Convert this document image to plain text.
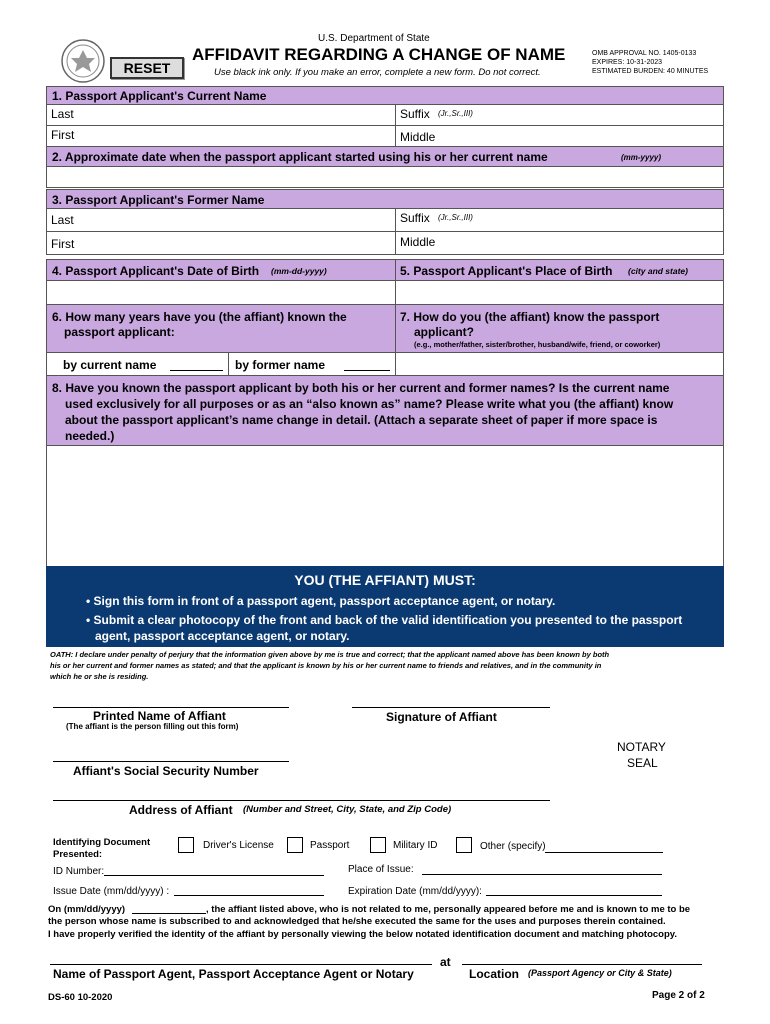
U.S. Department of State
AFFIDAVIT REGARDING A CHANGE OF NAME
RESET	Use black ink only. If you make an error, complete a new form. Do not correct.
OMB APPROVAL NO. 1405-0133
EXPIRES: 10-31-2023
ESTIMATED BURDEN: 40 MINUTES
1. Passport Applicant's Current Name
Last	Suffix (Jr.,Sr.,III)
First	Middle
2. Approximate date when the passport applicant started using his or her current name	(mm-yyyy)
3. Passport Applicant's Former Name
Last	Suffix (Jr.,Sr.,III)
First	Middle
4. Passport Applicant's Date of Birth (mm-dd-yyyy)	5. Passport Applicant's Place of Birth (city and state)
6. How many years have you (the affiant) known the
passport applicant:
7. How do you (the affiant) know the passport
applicant?
(e.g., mother/father, sister/brother, husband/wife, friend, or coworker)
by current name	by former name
8. Have you known the passport applicant by both his or her current and former names? Is the current name
used exclusively for all purposes or as an “also known as” name? Please write what you (the affiant) know
about the passport applicant’s name change in detail. (Attach a separate sheet of paper if more space is
needed.)
YOU (THE AFFIANT) MUST:
• Sign this form in front of a passport agent, passport acceptance agent, or notary.
• Submit a clear photocopy of the front and back of the valid identification you presented to the passport
agent, passport acceptance agent, or notary.
OATH: I declare under penalty of perjury that the information given above by me is true and correct; that the applicant named above has been known by both
his or her current and former names as stated; and that the applicant is known by his or her current name to friends and relatives, and in the community in
which he or she is residing.
Printed Name of Affiant
(The affiant is the person filling out this form)
Signature of Affiant
Affiant's Social Security Number
NOTARY
SEAL
Address of Affiant (Number and Street, City, State, and Zip Code)
Identifying Document
Presented:
Driver's License	Passport	Military ID	Other (specify)
ID Number:	Place of Issue:
Issue Date (mm/dd/yyyy) :	Expiration Date (mm/dd/yyyy):
On (mm/dd/yyyy)	, the affiant listed above, who is not related to me, personally appeared before me and is known to me to be
the person whose name is subscribed to and acknowledged that he/she executed the same for the uses and purposes therein contained.
I have properly verified the identity of the affiant by personally viewing the below notated identification document and matching photocopy.
Name of Passport Agent, Passport Acceptance Agent or Notary
at
Location (Passport Agency or City & State)
DS-60 10-2020	Page 2 of 2
